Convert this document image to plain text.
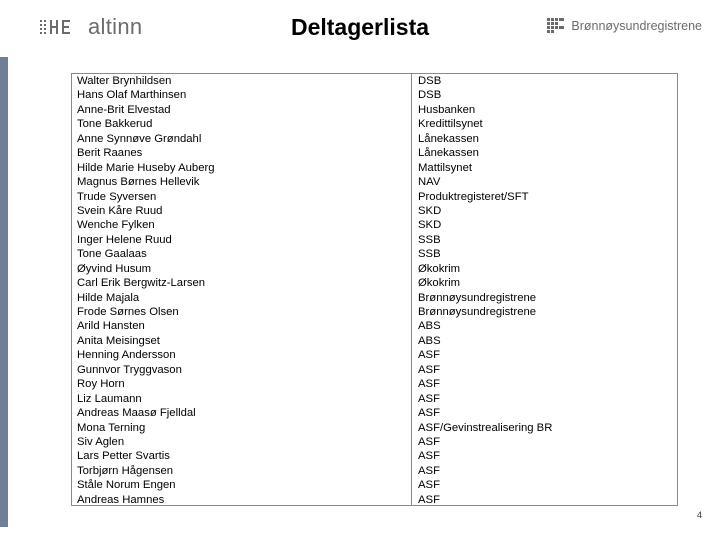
altinn	Deltagerlista	Brønnøysundregistrene
Walter Brynhildsen
Hans Olaf Marthinsen
Anne-Brit Elvestad
Tone Bakkerud
Anne Synnøve Grøndahl
Berit Raanes
Hilde Marie Huseby Auberg
Magnus Børnes Hellevik
Trude Syversen
Svein Kåre Ruud
Wenche Fylken
Inger Helene Ruud
Tone Gaalaas
Øyvind Husum
Carl Erik Bergwitz-Larsen
Hilde Majala
Frode Sørnes Olsen
Arild Hansten
Anita Meisingset
Henning Andersson
Gunnvor Tryggvason
Roy Horn
Liz Laumann
Andreas Maasø Fjelldal
Mona Terning
Siv Aglen
Lars Petter Svartis
Torbjørn Hågensen
Ståle Norum Engen
Andreas Hamnes
DSB
DSB
Husbanken
Kredittilsynet
Lånekassen
Lånekassen
Mattilsynet
NAV
Produktregisteret/SFT
SKD
SKD
SSB
SSB
Økokrim
Økokrim
Brønnøysundregistrene
Brønnøysundregistrene
ABS
ABS
ASF
ASF
ASF
ASF
ASF
ASF/Gevinstrealisering BR
ASF
ASF
ASF
ASF
ASF
4
